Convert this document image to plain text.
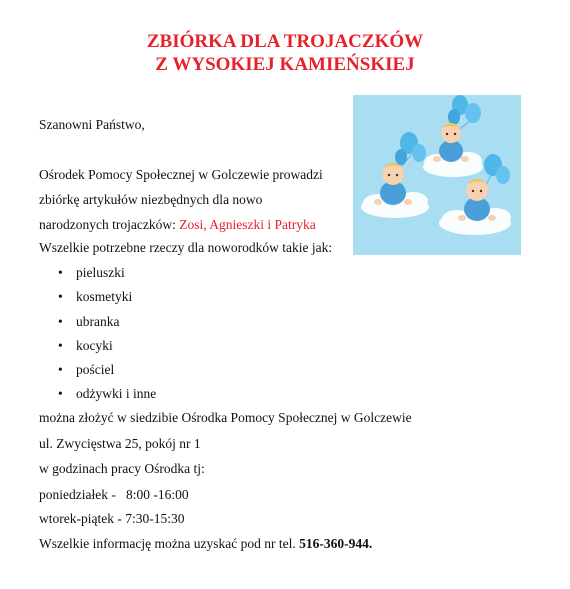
ZBIÓRKA DLA TROJACZKÓW
Z WYSOKIEJ KAMIEŃSKIEJ
Szanowni Państwo,
Ośrodek Pomocy Społecznej w Golczewie prowadzi
zbiórkę artykułów niezbędnych dla nowo
narodzonych trojaczków: Zosi, Agnieszki i Patryka
Wszelkie potrzebne rzeczy dla noworodków takie jak:
• pieluszki
• kosmetyki
• ubranka
• kocyki
• pościel
• odżywki i inne
można złożyć w siedzibie Ośrodka Pomocy Społecznej w Golczewie
ul. Zwycięstwa 25, pokój nr 1
w godzinach pracy Ośrodka tj:
poniedziałek -   8:00 -16:00
wtorek-piątek - 7:30-15:30
Wszelkie informację można uzyskać pod nr tel. 516-360-944.
